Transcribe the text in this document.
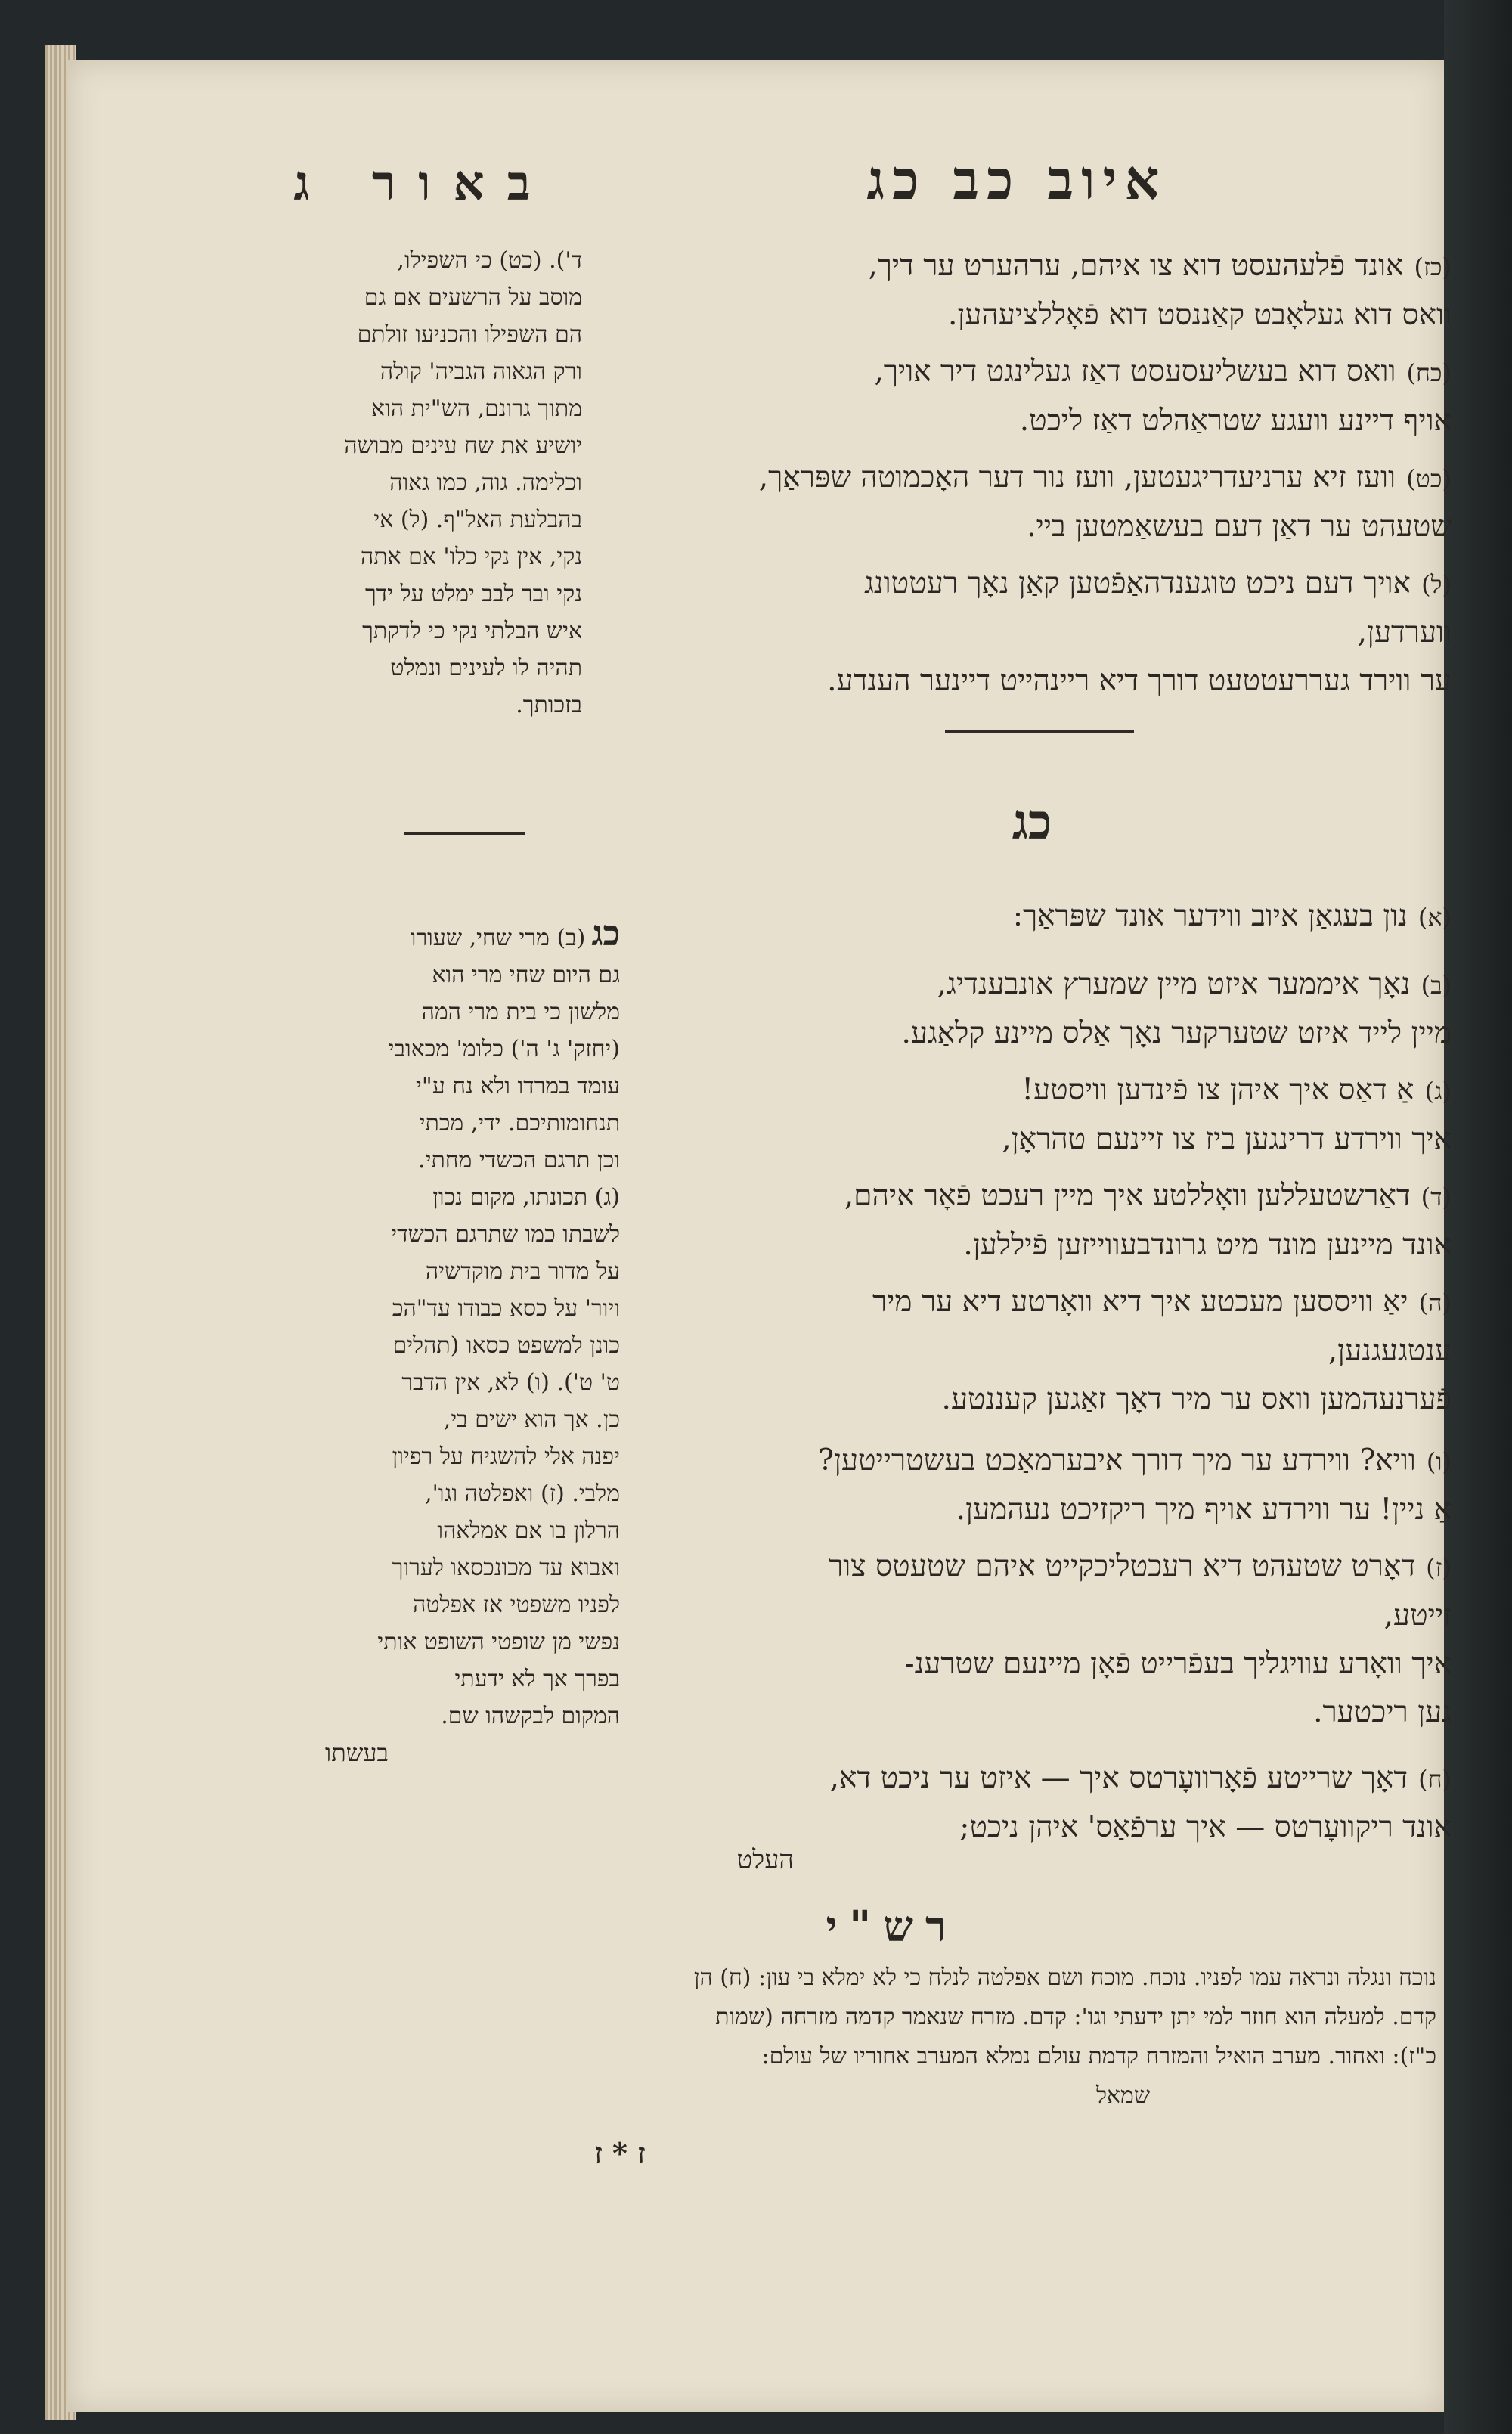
איוב כב כג
באור ג
(כז)אונד פֿלעהעסט דוא צו איהם, ערהערט ער דיך,
וואס דוא געלאָבט קאַננסט דוא פֿאָללציעהען.
(כח)וואס דוא בעשליעסעסט דאַז געלינגט דיר אויך,
אויף דיינע וועגע שטראַהלט דאַז ליכט.
(כט)וועז זיא ערניעדריגעטען, וועז נור דער האָכמוטה שפּראַך,
שטעהט ער דאַן דעם בעשאַמטען ביי.
(ל)אויך דעם ניכט טוגענדהאַפֿטען קאַן נאָך רעטטונג
ווערדען,
ער ווירד געררעטטעט דורך דיא ריינהייט דיינער הענדע.
כג
(א)נון בעגאַן איוב ווידער אונד שפּראַך:
(ב)נאָך איממער איזט מיין שמערץ אונבענדיג,
מיין לייד איזט שטערקער נאָך אַלס מיינע קלאַגע.
(ג)אַ דאַס איך איהן צו פֿינדען וויסטע!
איך ווירדע דרינגען ביז צו זיינעם טהראָן,
(ד)דאַרשטעללען וואָללטע איך מיין רעכט פֿאָר איהם,
אונד מיינען מונד מיט גרונדבעווייזען פֿיללען.
(ה)יאַ וויססען מעכטע איך דיא וואָרטע דיא ער מיר
ענטגעגנען,
פֿערנעהמען וואס ער מיר דאָך זאַגען קעננטע.
(ו)וויא? ווירדע ער מיך דורך איבערמאַכט בעשטרייטען?
אַ ניין! ער ווירדע אויף מיך ריקזיכט נעהמען.
(ז)דאָרט שטעהט דיא רעכטליכקייט איהם שטעטס צור
זייטע,
איך וואָרע עוויגליך בעפֿרייט פֿאָן מיינעם שטרענ-
גען ריכטער.
(ח)דאָך שרייטע פֿאָרוועָרטס איך — איזט ער ניכט דא,
אונד ריקוועָרטס — איך ערפֿאַס' איהן ניכט;
העלט
ד'). (כט) כי השפילו,
מוסב על הרשעים אם גם
הם השפילו והכניעו זולתם
ורק הגאוה הגביה' קולה
מתוך גרונם, הש"ית הוא
יושיע את שח עינים מבושה
וכלימה. גוה, כמו גאוה
בהבלעת האל"ף. (ל) אי
נקי, אין נקי כלו' אם אתה
נקי ובר לבב ימלט על ידך
איש הבלתי נקי כי לדקתך
תהיה לו לעינים ונמלט
בזכותך.
כג(ב) מרי שחי, שעורו
גם היום שחי מרי הוא
מלשון כי בית מרי המה
(יחזק' ג' ה') כלומ' מכאובי
עומד במרדו ולא נח ע"י
תנחומותיכם. ידי, מכתי
וכן תרגם הכשדי מחתי.
(ג) תכונתו, מקום נכון
לשבתו כמו שתרגם הכשדי
על מדור בית מוקדשיה
ויור' על כסא כבודו עד"הכ
כונן למשפט כסאו (תהלים
ט' ט'). (ו) לא, אין הדבר
כן. אך הוא ישים בי,
יפנה אלי להשגיח על רפיון
מלבי. (ז) ואפלטה וגו',
הרלון בו אם אמלאהו
ואבוא עד מכונכסאו לערוך
לפניו משפטי אז אפלטה
נפשי מן שופטי השופט אותי
בפרך אך לא ידעתי
המקום לבקשהו שם.
בעשתו
רש"י
נוכח ונגלה ונראה עמו לפניו. נוכח. מוכח ושם אפלטה לנלח כי לא ימלא בי עון: (ח) הן
קדם. למעלה הוא חוזר למי יתן ידעתי וגו': קדם. מזרח שנאמר קדמה מזרחה (שמות
כ"ז): ואחור. מערב הואיל והמזרח קדמת עולם נמלא המערב אחוריו של עולם:
שמאל
ז * ז
